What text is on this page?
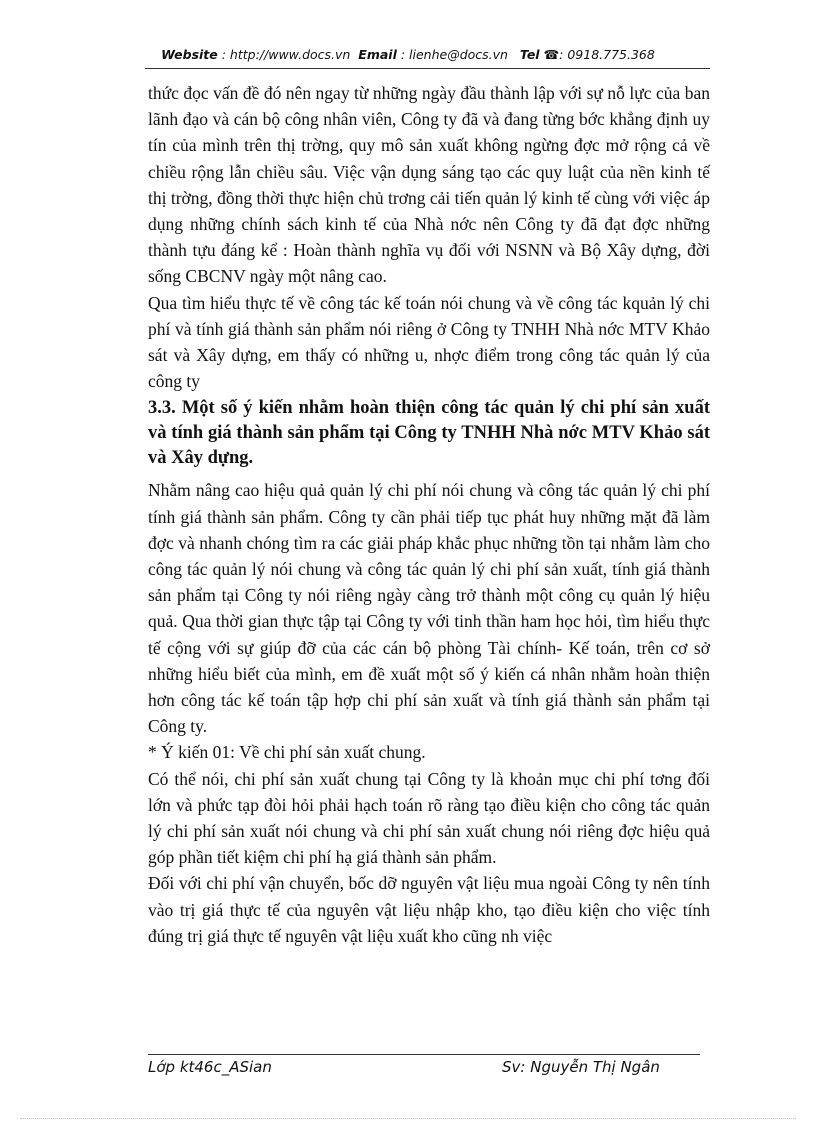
Website : http://www.docs.vn Email : lienhe@docs.vn Tel ☎: 0918.775.368

thức đọc vấn đề đó nên ngay từ những ngày đầu thành lập với sự nỗ lực của ban lãnh đạo và cán bộ công nhân viên, Công ty đã và đang từng bớc khẳng định uy tín của mình trên thị trờng, quy mô sản xuất không ngừng đợc mở rộng cả về chiều rộng lẫn chiều sâu. Việc vận dụng sáng tạo các quy luật của nền kinh tế thị trờng, đồng thời thực hiện chủ trơng cải tiến quản lý kinh tế cùng với việc áp dụng những chính sách kinh tế của Nhà nớc nên Công ty đã đạt đợc những thành tựu đáng kể : Hoàn thành nghĩa vụ đối với NSNN và Bộ Xây dựng, đời sống CBCNV ngày một nâng cao.

Qua tìm hiểu thực tế về công tác kế toán nói chung và về công tác kquản lý chi phí và tính giá thành sản phẩm nói riêng ở Công ty TNHH Nhà nớc MTV Khảo sát và Xây dựng, em thấy có những u, nhợc điểm trong công tác quản lý của công ty

3.3. Một số ý kiến nhằm hoàn thiện công tác quản lý chi phí sản xuất và tính giá thành sản phẩm tại Công ty TNHH Nhà nớc MTV Khảo sát và Xây dựng.

Nhằm nâng cao hiệu quả quản lý chi phí nói chung và công tác quản lý chi phí tính giá thành sản phẩm. Công ty cần phải tiếp tục phát huy những mặt đã làm đợc và nhanh chóng tìm ra các giải pháp khắc phục những tồn tại nhằm làm cho công tác quản lý nói chung và công tác quản lý chi phí sản xuất, tính giá thành sản phẩm tại Công ty nói riêng ngày càng trở thành một công cụ quản lý hiệu quả. Qua thời gian thực tập tại Công ty với tinh thần ham học hỏi, tìm hiểu thực tế cộng với sự giúp đỡ của các cán bộ phòng Tài chính- Kế toán, trên cơ sở những hiểu biết của mình, em đề xuất một số ý kiến cá nhân nhằm hoàn thiện hơn công tác kế toán tập hợp chi phí sản xuất và tính giá thành sản phẩm tại Công ty.

* Ý kiến 01: Về chi phí sản xuất chung.

Có thể nói, chi phí sản xuất chung tại Công ty là khoản mục chi phí tơng đối lớn và phức tạp đòi hỏi phải hạch toán rõ ràng tạo điều kiện cho công tác quản lý chi phí sản xuất nói chung và chi phí sản xuất chung nói riêng đợc hiệu quả góp phần tiết kiệm chi phí hạ giá thành sản phẩm.

Đối với chi phí vận chuyển, bốc dỡ nguyên vật liệu mua ngoài Công ty nên tính vào trị giá thực tế của nguyên vật liệu nhập kho, tạo điều kiện cho việc tính đúng trị giá thực tế nguyên vật liệu xuất kho cũng nh việc

Lớp kt46c_ASian	Sv: Nguyễn Thị Ngân
